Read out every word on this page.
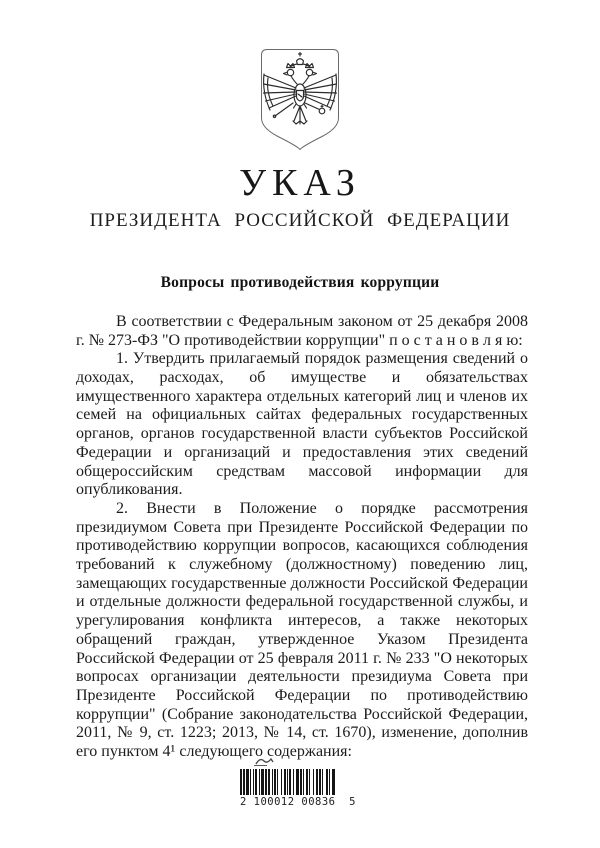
УКАЗ
ПРЕЗИДЕНТА РОССИЙСКОЙ ФЕДЕРАЦИИ
Вопросы противодействия коррупции

В соответствии с Федеральным законом от 25 декабря 2008 г. № 273-ФЗ "О противодействии коррупции" п о с т а н о в л я ю:

1. Утвердить прилагаемый порядок размещения сведений о доходах, расходах, об имуществе и обязательствах имущественного характера отдельных категорий лиц и членов их семей на официальных сайтах федеральных государственных органов, органов государственной власти субъектов Российской Федерации и организаций и предоставления этих сведений общероссийским средствам массовой информации для опубликования.

2. Внести в Положение о порядке рассмотрения президиумом Совета при Президенте Российской Федерации по противодействию коррупции вопросов, касающихся соблюдения требований к служебному (должностному) поведению лиц, замещающих государственные должности Российской Федерации и отдельные должности федеральной государственной службы, и урегулирования конфликта интересов, а также некоторых обращений граждан, утвержденное Указом Президента Российской Федерации от 25 февраля 2011 г. № 233 "О некоторых вопросах организации деятельности президиума Совета при Президенте Российской Федерации по противодействию коррупции" (Собрание законодательства Российской Федерации, 2011, № 9, ст. 1223; 2013, № 14, ст. 1670), изменение, дополнив его пунктом 4¹ следующего содержания:

2 100012 00836  5
